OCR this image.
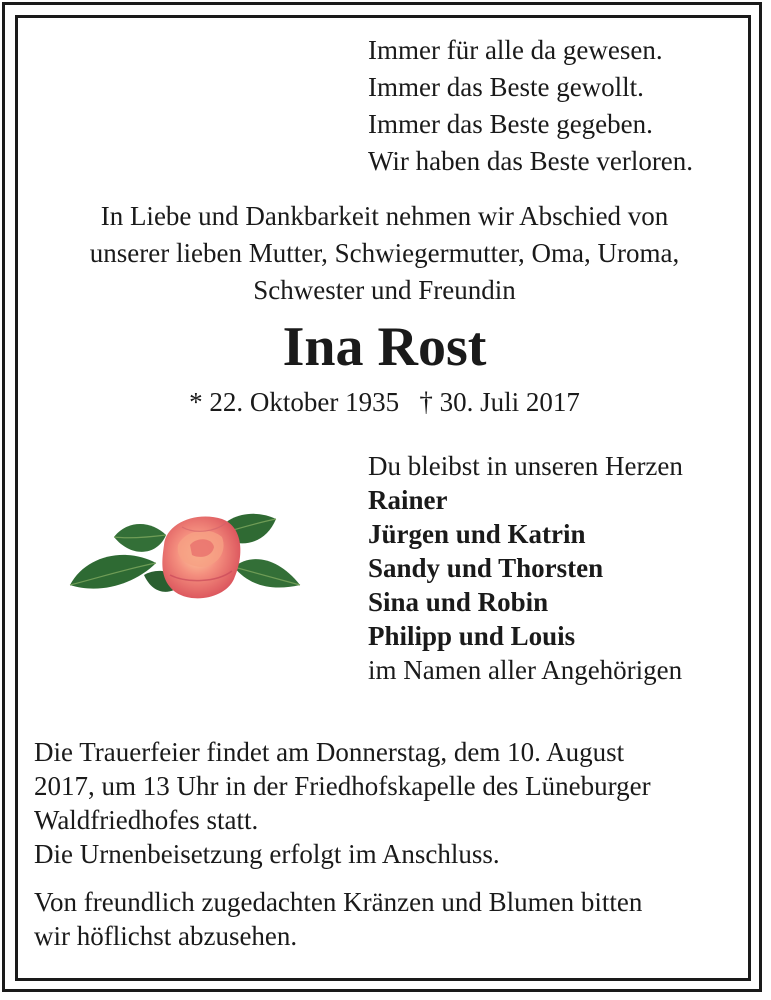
Immer für alle da gewesen.
Immer das Beste gewollt.
Immer das Beste gegeben.
Wir haben das Beste verloren.
In Liebe und Dankbarkeit nehmen wir Abschied von
unserer lieben Mutter, Schwiegermutter, Oma, Uroma,
Schwester und Freundin
Ina Rost
* 22. Oktober 1935 † 30. Juli 2017
Du bleibst in unseren Herzen
Rainer
Jürgen und Katrin
Sandy und Thorsten
Sina und Robin
Philipp und Louis
im Namen aller Angehörigen
Die Trauerfeier findet am Donnerstag, dem 10. August
2017, um 13 Uhr in der Friedhofskapelle des Lüneburger
Waldfriedhofes statt.
Die Urnenbeisetzung erfolgt im Anschluss.
Von freundlich zugedachten Kränzen und Blumen bitten
wir höflichst abzusehen.
